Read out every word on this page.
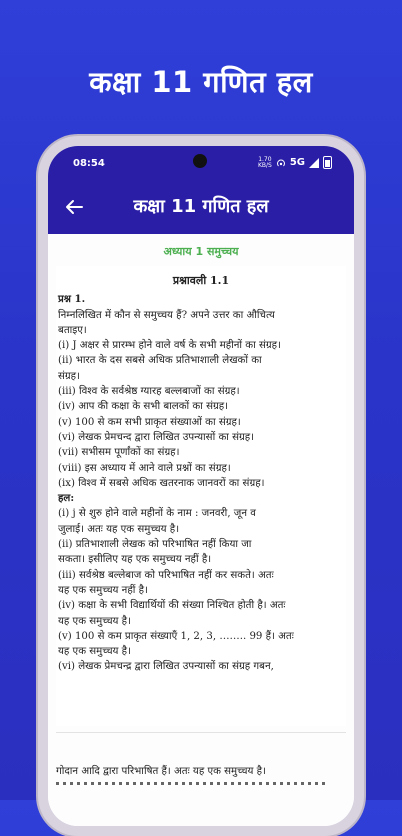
कक्षा 11 गणित हल
08:54	1.70
KB/S 5G
कक्षा 11 गणित हल
अध्याय 1 समुच्चय
प्रश्नावली 1.1
प्रश्न 1.
निम्नलिखित में कौन से समुच्चय हैं? अपने उत्तर का औचित्य
बताइए।
(i) J अक्षर से प्रारम्भ होने वाले वर्ष के सभी महीनों का संग्रह।
(ii) भारत के दस सबसे अधिक प्रतिभाशाली लेखकों का
संग्रह।
(iii) विश्व के सर्वश्रेष्ठ ग्यारह बल्लबाजों का संग्रह।
(iv) आप की कक्षा के सभी बालकों का संग्रह।
(v) 100 से कम सभी प्राकृत संख्याओं का संग्रह।
(vi) लेखक प्रेमचन्द द्वारा लिखित उपन्यासों का संग्रह।
(vii) सभीसम पूर्णांकों का संग्रह।
(viii) इस अध्याय में आने वाले प्रश्नों का संग्रह।
(ix) विश्व में सबसे अधिक खतरनाक जानवरों का संग्रह।
हल:
(i) j से शुरु होने वाले महीनों के नाम : जनवरी, जून व
जुलाई। अतः यह एक समुच्चय है।
(ii) प्रतिभाशाली लेखक को परिभाषित नहीं किया जा
सकता। इसीलिए यह एक समुच्चय नहीं है।
(iii) सर्वश्रेष्ठ बल्लेबाज को परिभाषित नहीं कर सकते। अतः
यह एक समुच्चय नहीं है।
(iv) कक्षा के सभी विद्यार्थियों की संख्या निश्चित होती है। अतः
यह एक समुच्चय है।
(v) 100 से कम प्राकृत संख्याएँ 1, 2, 3, …….. 99 हैं। अतः
यह एक समुच्चय है।
(vi) लेखक प्रेमचन्द्र द्वारा लिखित उपन्यासों का संग्रह गबन,
गोदान आदि द्वारा परिभाषित हैं। अतः यह एक समुच्चय है।
